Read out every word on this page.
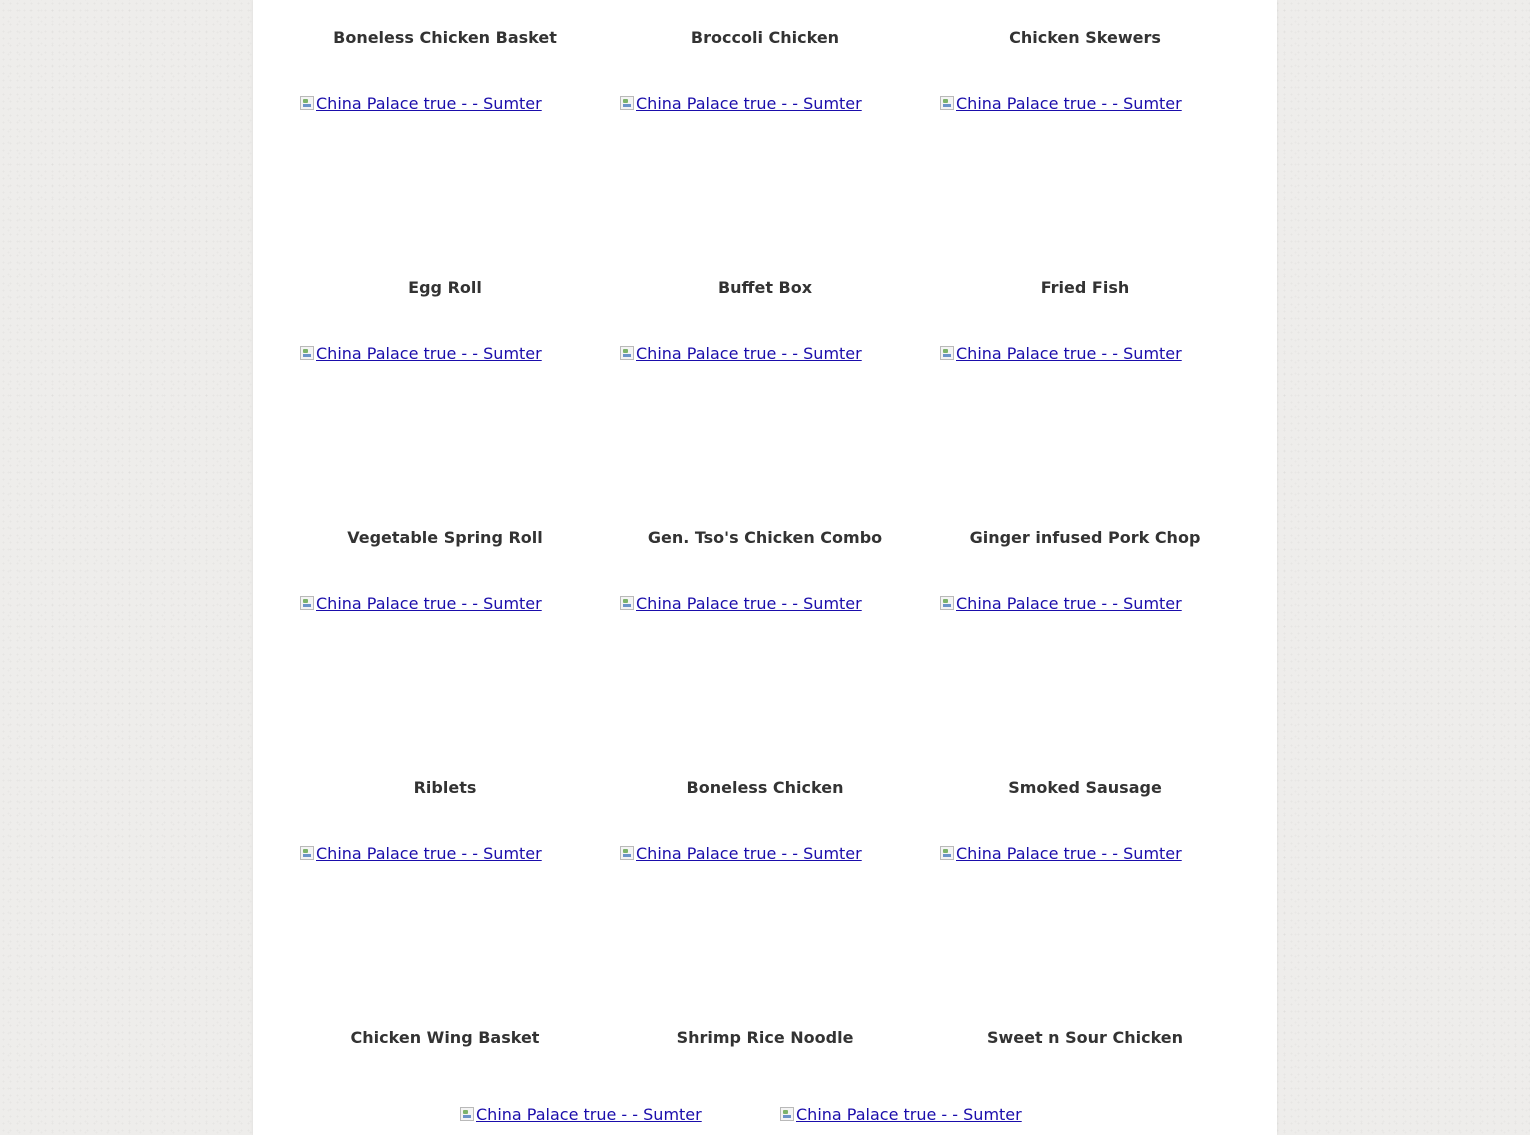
Boneless Chicken Basket	Broccoli Chicken	Chicken Skewers
China Palace true - - Sumter	China Palace true - - Sumter	China Palace true - - Sumter
Egg Roll
China Palace true - - Sumter
Buffet Box
China Palace true - - Sumter
Fried Fish
China Palace true - - Sumter
Vegetable Spring Roll
China Palace true - - Sumter
Gen. Tso's Chicken Combo
China Palace true - - Sumter
Ginger infused Pork Chop
China Palace true - - Sumter
Riblets
China Palace true - - Sumter
Boneless Chicken
China Palace true - - Sumter
Smoked Sausage
China Palace true - - Sumter
Chicken Wing Basket	Shrimp Rice Noodle	Sweet n Sour Chicken
China Palace true - - Sumter	China Palace true - - Sumter
